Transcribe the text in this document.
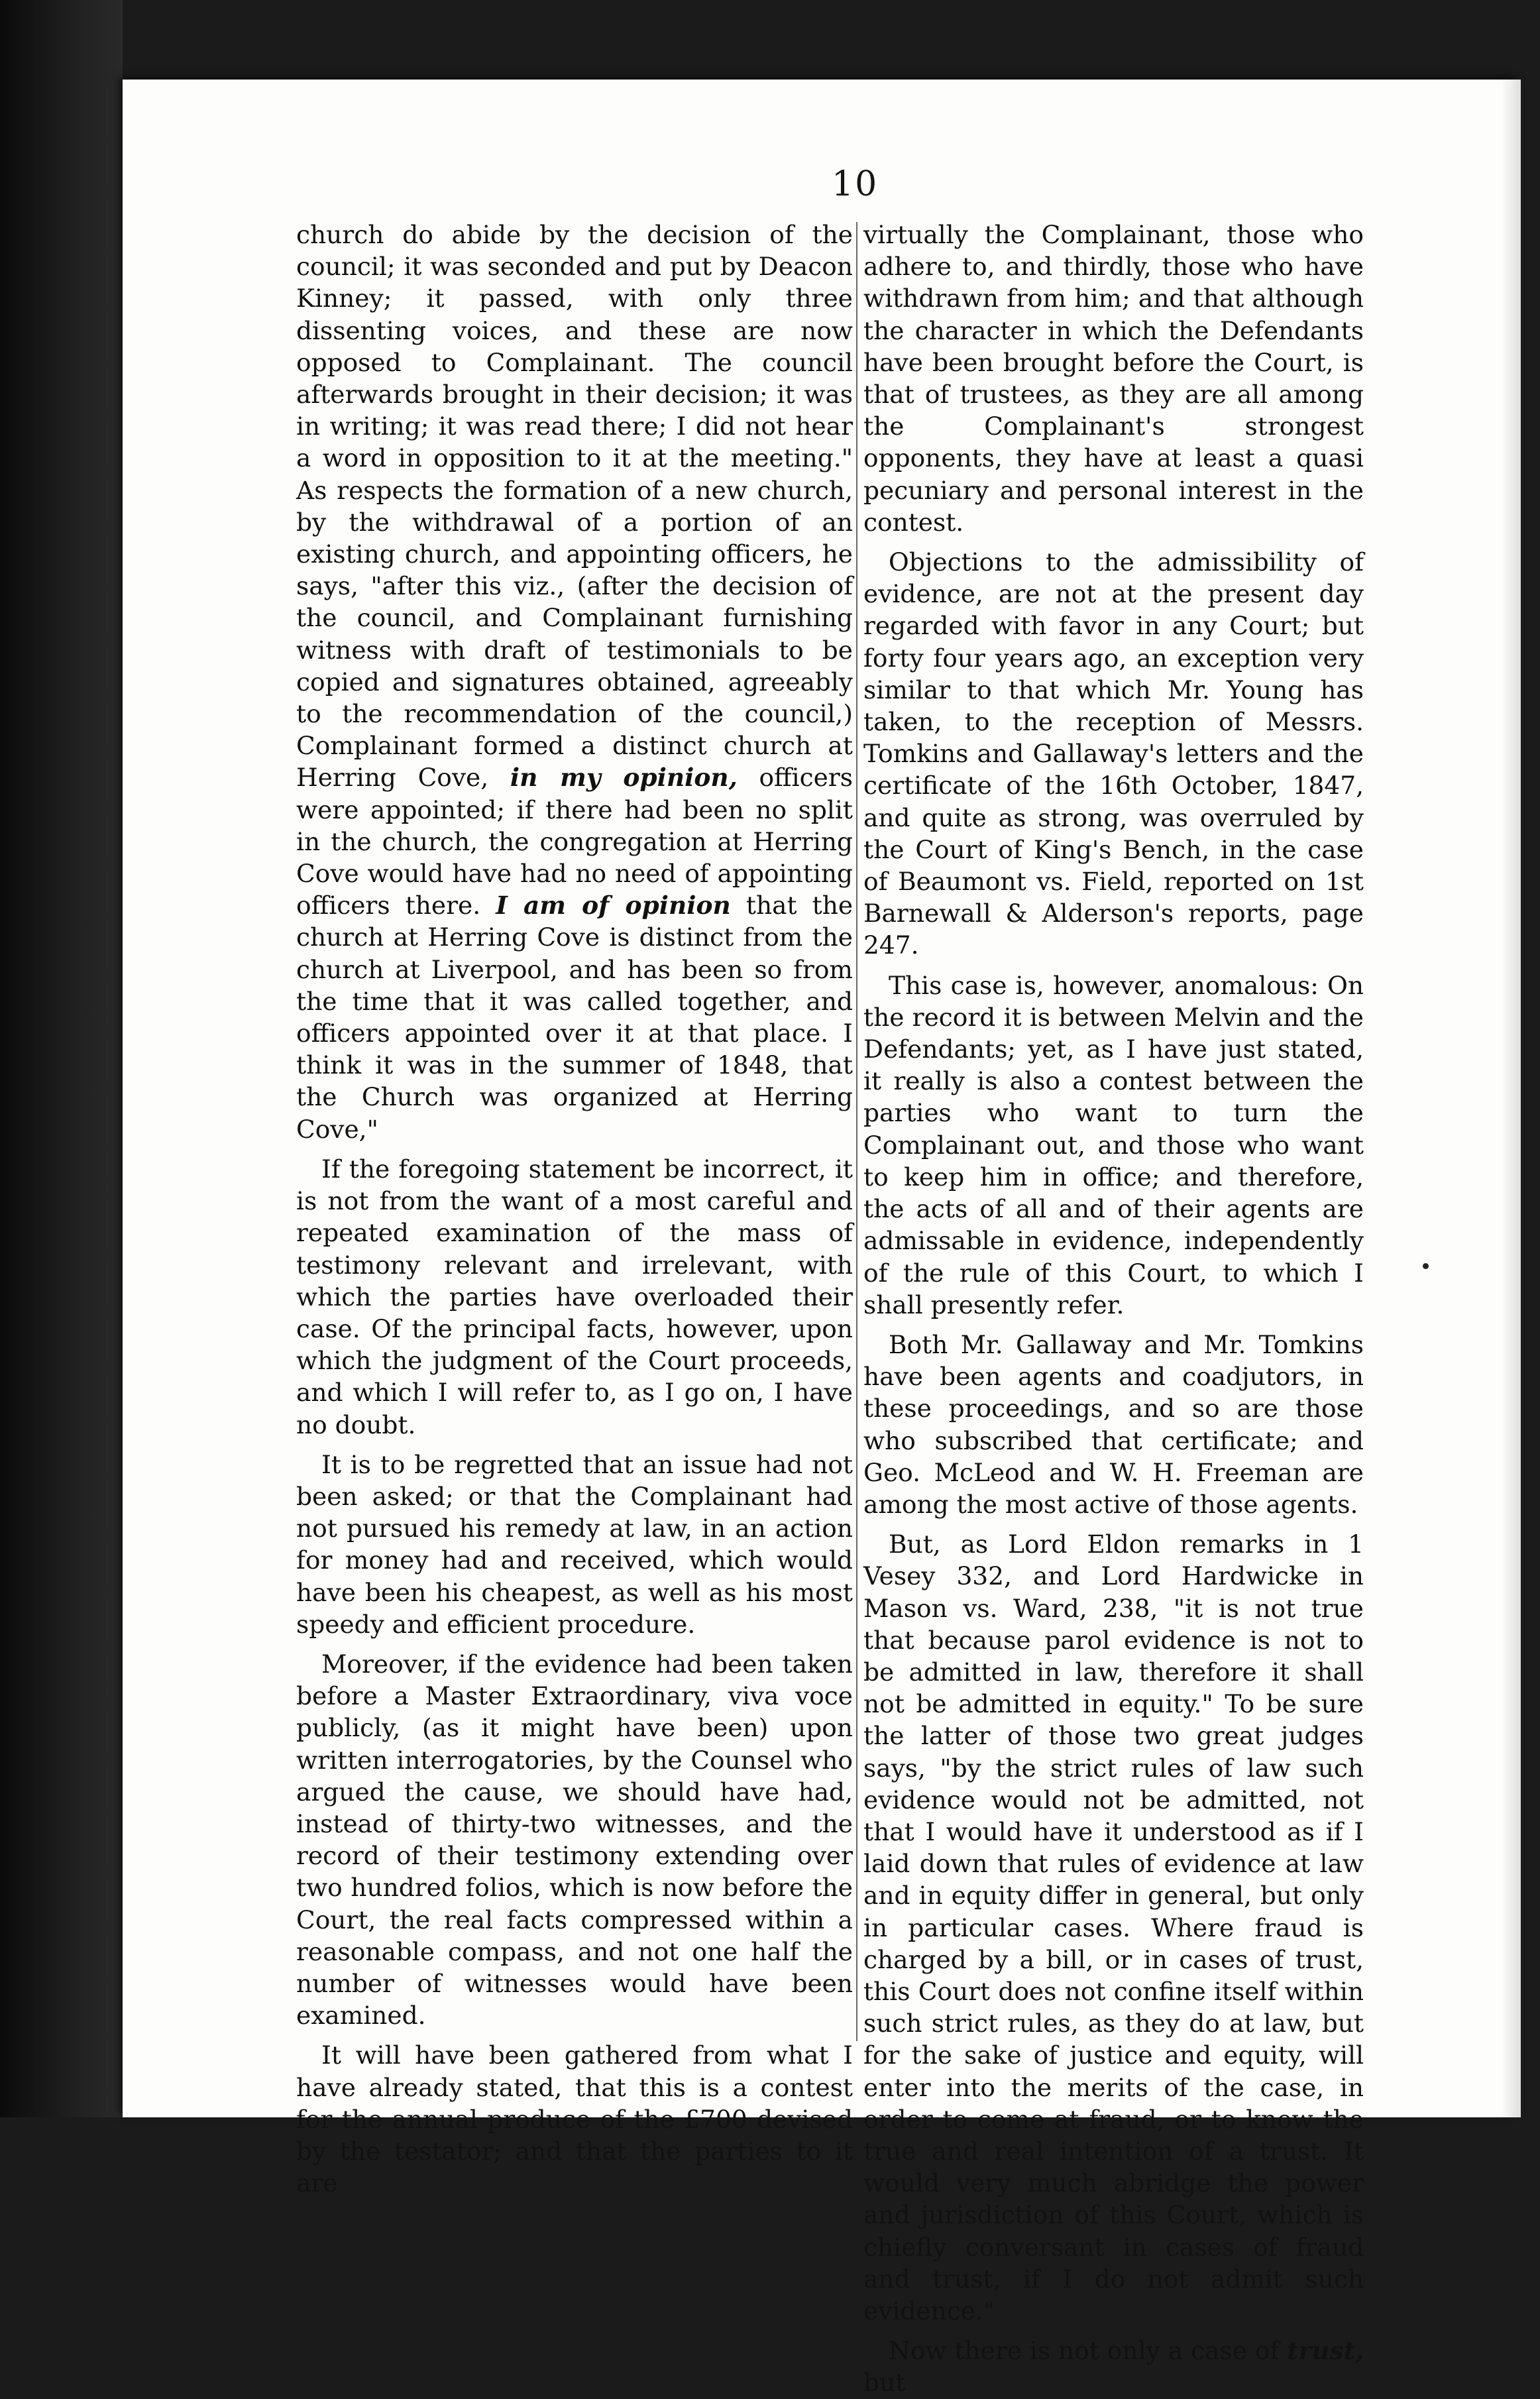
10

church do abide by the decision of the council; it was seconded and put by Deacon Kinney; it passed, with only three dissenting voices, and these are now opposed to Complainant. The council afterwards brought in their decision; it was in writing; it was read there; I did not hear a word in opposition to it at the meeting." As respects the formation of a new church, by the withdrawal of a portion of an existing church, and appointing officers, he says, "after this viz., (after the decision of the council, and Complainant furnishing witness with draft of testimonials to be copied and signatures obtained, agreeably to the recommendation of the council,) Complainant formed a distinct church at Herring Cove, in my opinion, officers were appointed; if there had been no split in the church, the congregation at Herring Cove would have had no need of appointing officers there. I am of opinion that the church at Herring Cove is distinct from the church at Liverpool, and has been so from the time that it was called together, and officers appointed over it at that place. I think it was in the summer of 1848, that the Church was organized at Herring Cove,"

If the foregoing statement be incorrect, it is not from the want of a most careful and repeated examination of the mass of testimony relevant and irrelevant, with which the parties have overloaded their case. Of the principal facts, however, upon which the judgment of the Court proceeds, and which I will refer to, as I go on, I have no doubt.

It is to be regretted that an issue had not been asked; or that the Complainant had not pursued his remedy at law, in an action for money had and received, which would have been his cheapest, as well as his most speedy and efficient procedure.

Moreover, if the evidence had been taken before a Master Extraordinary, viva voce publicly, (as it might have been) upon written interrogatories, by the Counsel who argued the cause, we should have had, instead of thirty-two witnesses, and the record of their testimony extending over two hundred folios, which is now before the Court, the real facts compressed within a reasonable compass, and not one half the number of witnesses would have been examined.

It will have been gathered from what I have already stated, that this is a contest for the annual produce of the £700 devised by the testator; and that the parties to it are

virtually the Complainant, those who adhere to, and thirdly, those who have withdrawn from him; and that although the character in which the Defendants have been brought before the Court, is that of trustees, as they are all among the Complainant's strongest opponents, they have at least a quasi pecuniary and personal interest in the contest.

Objections to the admissibility of evidence, are not at the present day regarded with favor in any Court; but forty four years ago, an exception very similar to that which Mr. Young has taken, to the reception of Messrs. Tomkins and Gallaway's letters and the certificate of the 16th October, 1847, and quite as strong, was overruled by the Court of King's Bench, in the case of Beaumont vs. Field, reported on 1st Barnewall & Alderson's reports, page 247.

This case is, however, anomalous: On the record it is between Melvin and the Defendants; yet, as I have just stated, it really is also a contest between the parties who want to turn the Complainant out, and those who want to keep him in office; and therefore, the acts of all and of their agents are admissable in evidence, independently of the rule of this Court, to which I shall presently refer.

Both Mr. Gallaway and Mr. Tomkins have been agents and coadjutors, in these proceedings, and so are those who subscribed that certificate; and Geo. McLeod and W. H. Freeman are among the most active of those agents.

But, as Lord Eldon remarks in 1 Vesey 332, and Lord Hardwicke in Mason vs. Ward, 238, "it is not true that because parol evidence is not to be admitted in law, therefore it shall not be admitted in equity." To be sure the latter of those two great judges says, "by the strict rules of law such evidence would not be admitted, not that I would have it understood as if I laid down that rules of evidence at law and in equity differ in general, but only in particular cases. Where fraud is charged by a bill, or in cases of trust, this Court does not confine itself within such strict rules, as they do at law, but for the sake of justice and equity, will enter into the merits of the case, in order to come at fraud, or to know the true and real intention of a trust. It would very much abridge the power and jurisdiction of this Court, which is chiefly conversant in cases of fraud and trust, if I do not admit such evidence."

Now there is not only a case of trust, but
